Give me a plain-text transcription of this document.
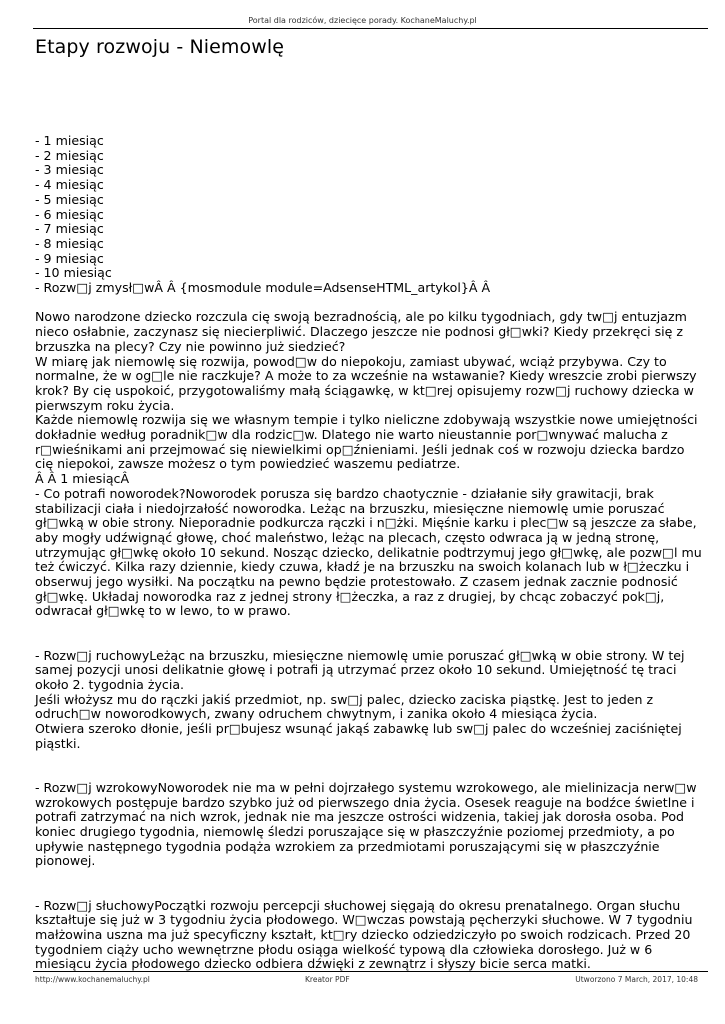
Portal dla rodziców, dziecięce porady. KochaneMaluchy.pl
Etapy rozwoju - Niemowlę
- 1 miesiąc
- 2 miesiąc
- 3 miesiąc
- 4 miesiąc
- 5 miesiąc
- 6 miesiąc
- 7 miesiąc
- 8 miesiąc
- 9 miesiąc
- 10 miesiąc
- Rozw□j zmysł□wÂ Â {mosmodule module=AdsenseHTML_artykol}Â Â

Nowo narodzone dziecko rozczula cię swoją bezradnością, ale po kilku tygodniach, gdy tw□j entuzjazm nieco osłabnie, zaczynasz się niecierpliwić. Dlaczego jeszcze nie podnosi gł□wki? Kiedy przekręci się z brzuszka na plecy? Czy nie powinno już siedzieć?

W miarę jak niemowlę się rozwija, powod□w do niepokoju, zamiast ubywać, wciąż przybywa. Czy to normalne, że w og□le nie raczkuje? A może to za wcześnie na wstawanie? Kiedy wreszcie zrobi pierwszy krok? By cię uspokoić, przygotowaliśmy małą ściągawkę, w kt□rej opisujemy rozw□j ruchowy dziecka w pierwszym roku życia.

Każde niemowlę rozwija się we własnym tempie i tylko nieliczne zdobywają wszystkie nowe umiejętności dokładnie według poradnik□w dla rodzic□w. Dlatego nie warto nieustannie por□wnywać malucha z r□wieśnikami ani przejmować się niewielkimi op□źnieniami. Jeśli jednak coś w rozwoju dziecka bardzo cię niepokoi, zawsze możesz o tym powiedzieć waszemu pediatrze.

Â Â 1 miesiącÂ

- Co potrafi noworodek?Noworodek porusza się bardzo chaotycznie - działanie siły grawitacji, brak stabilizacji ciała i niedojrzałość noworodka. Leżąc na brzuszku, miesięczne niemowlę umie poruszać gł□wką w obie strony. Nieporadnie podkurcza rączki i n□żki. Mięśnie karku i plec□w są jeszcze za słabe, aby mogły udźwignąć głowę, choć maleństwo, leżąc na plecach, często odwraca ją w jedną stronę, utrzymując gł□wkę około 10 sekund. Nosząc dziecko, delikatnie podtrzymuj jego gł□wkę, ale pozw□l mu też ćwiczyć. Kilka razy dziennie, kiedy czuwa, kładź je na brzuszku na swoich kolanach lub w ł□żeczku i obserwuj jego wysiłki. Na początku na pewno będzie protestowało. Z czasem jednak zacznie podnosić gł□wkę. Układaj noworodka raz z jednej strony ł□żeczka, a raz z drugiej, by chcąc zobaczyć pok□j, odwracał gł□wkę to w lewo, to w prawo.

- Rozw□j ruchowyLeżąc na brzuszku, miesięczne niemowlę umie poruszać gł□wką w obie strony. W tej samej pozycji unosi delikatnie głowę i potrafi ją utrzymać przez około 10 sekund. Umiejętność tę traci około 2. tygodnia życia.

Jeśli włożysz mu do rączki jakiś przedmiot, np. sw□j palec, dziecko zaciska piąstkę. Jest to jeden z odruch□w noworodkowych, zwany odruchem chwytnym, i zanika około 4 miesiąca życia.

Otwiera szeroko dłonie, jeśli pr□bujesz wsunąć jakąś zabawkę lub sw□j palec do wcześniej zaciśniętej piąstki.

- Rozw□j wzrokowyNoworodek nie ma w pełni dojrzałego systemu wzrokowego, ale mielinizacja nerw□w wzrokowych postępuje bardzo szybko już od pierwszego dnia życia. Osesek reaguje na bodźce świetlne i potrafi zatrzymać na nich wzrok, jednak nie ma jeszcze ostrości widzenia, takiej jak dorosła osoba. Pod koniec drugiego tygodnia, niemowlę śledzi poruszające się w płaszczyźnie poziomej przedmioty, a po upływie następnego tygodnia podąża wzrokiem za przedmiotami poruszającymi się w płaszczyźnie pionowej.

- Rozw□j słuchowyPoczątki rozwoju percepcji słuchowej sięgają do okresu prenatalnego. Organ słuchu kształtuje się już w 3 tygodniu życia płodowego. W□wczas powstają pęcherzyki słuchowe. W 7 tygodniu małżowina uszna ma już specyficzny kształt, kt□ry dziecko odziedziczyło po swoich rodzicach. Przed 20 tygodniem ciąży ucho wewnętrzne płodu osiąga wielkość typową dla człowieka dorosłego. Już w 6 miesiącu życia płodowego dziecko odbiera dźwięki z zewnątrz i słyszy bicie serca matki.

http://www.kochanemaluchy.pl	Kreator PDF	Utworzono 7 March, 2017, 10:48
